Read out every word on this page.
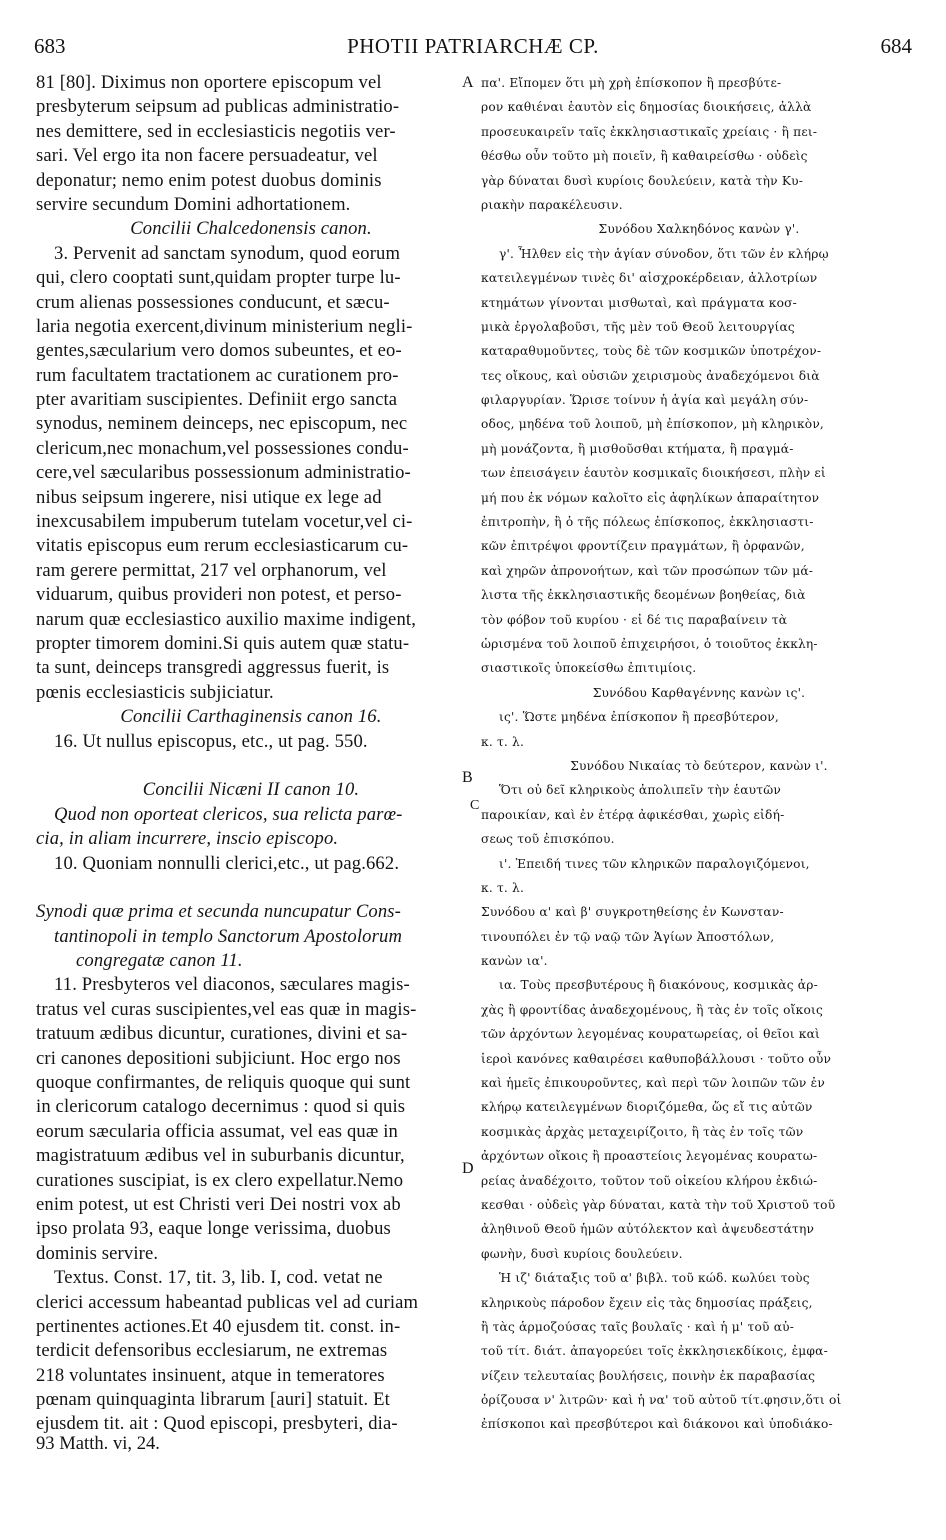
683	PHOTII PATRIARCHÆ CP.	684
81 [80]. Diximus non oportere episcopum vel
presbyterum seipsum ad publicas administratio-
nes demittere, sed in ecclesiasticis negotiis ver-
sari. Vel ergo ita non facere persuadeatur, vel
deponatur; nemo enim potest duobus dominis
servire secundum Domini adhortationem.
Concilii Chalcedonensis canon.
3. Pervenit ad sanctam synodum, quod eorum
qui, clero cooptati sunt,quidam propter turpe lu-
crum alienas possessiones conducunt, et sæcu-
laria negotia exercent,divinum ministerium negli-
gentes,sæcularium vero domos subeuntes, et eo-
rum facultatem tractationem ac curationem pro-
pter avaritiam suscipientes. Definiit ergo sancta
synodus, neminem deinceps, nec episcopum, nec
clericum,nec monachum,vel possessiones condu-
cere,vel sæcularibus possessionum administratio-
nibus seipsum ingerere, nisi utique ex lege ad
inexcusabilem impuberum tutelam vocetur,vel ci-
vitatis episcopus eum rerum ecclesiasticarum cu-
ram gerere permittat, 217 vel orphanorum, vel
viduarum, quibus provideri non potest, et perso-
narum quæ ecclesiastico auxilio maxime indigent,
propter timorem domini.Si quis autem quæ statu-
ta sunt, deinceps transgredi aggressus fuerit, is
pœnis ecclesiasticis subjiciatur.
Concilii Carthaginensis canon 16.
16. Ut nullus episcopus, etc., ut pag. 550.
Concilii Nicæni II canon 10.
Quod non oporteat clericos, sua relicta parœ-
cia, in aliam incurrere, inscio episcopo.
10. Quoniam nonnulli clerici,etc., ut pag.662.
Synodi quæ prima et secunda nuncupatur Cons-
tantinopoli in templo Sanctorum Apostolorum
congregatæ canon 11.
11. Presbyteros vel diaconos, sæculares magis-
tratus vel curas suscipientes,vel eas quæ in magis-
tratuum ædibus dicuntur, curationes, divini et sa-
cri canones depositioni subjiciunt. Hoc ergo nos
quoque confirmantes, de reliquis quoque qui sunt
in clericorum catalogo decernimus : quod si quis
eorum sæcularia officia assumat, vel eas quæ in
magistratuum ædibus vel in suburbanis dicuntur,
curationes suscipiat, is ex clero expellatur.Nemo
enim potest, ut est Christi veri Dei nostri vox ab
ipso prolata 93, eaque longe verissima, duobus
dominis servire.
Textus. Const. 17, tit. 3, lib. I, cod. vetat ne
clerici accessum habeantad publicas vel ad curiam
pertinentes actiones.Et 40 ejusdem tit. const. in-
terdicit defensoribus ecclesiarum, ne extremas
218 voluntates insinuent, atque in temeratores
pœnam quinquaginta librarum [auri] statuit. Et
ejusdem tit. ait : Quod episcopi, presbyteri, dia-
πα'. Εἴπομεν ὅτι μὴ χρὴ ἐπίσκοπον ἢ πρεσβύτε-
ρον καθιέναι ἑαυτὸν εἰς δημοσίας διοικήσεις, ἀλλὰ
προσευκαιρεῖν ταῖς ἐκκλησιαστικαῖς χρείαις · ἢ πει-
θέσθω οὖν τοῦτο μὴ ποιεῖν, ἢ καθαιρείσθω · οὐδεὶς
γὰρ δύναται δυσὶ κυρίοις δουλεύειν, κατὰ τὴν Κυ-
ριακὴν παρακέλευσιν.
Συνόδου Χαλκηδόνος κανὼν γ'.
γ'. Ἦλθεν εἰς τὴν ἁγίαν σύνοδον, ὅτι τῶν ἐν κλήρῳ
κατειλεγμένων τινὲς δι' αἰσχροκέρδειαν, ἀλλοτρίων
κτημάτων γίνονται μισθωταὶ, καὶ πράγματα κοσ-
μικὰ ἐργολαβοῦσι, τῆς μὲν τοῦ Θεοῦ λειτουργίας
καταραθυμοῦντες, τοὺς δὲ τῶν κοσμικῶν ὑποτρέχον-
τες οἴκους, καὶ οὐσιῶν χειρισμοὺς ἀναδεχόμενοι διὰ
φιλαργυρίαν. Ὥρισε τοίνυν ἡ ἁγία καὶ μεγάλη σύν-
οδος, μηδένα τοῦ λοιποῦ, μὴ ἐπίσκοπον, μὴ κληρικὸν,
μὴ μονάζοντα, ἢ μισθοῦσθαι κτήματα, ἢ πραγμά-
των ἐπεισάγειν ἑαυτὸν κοσμικαῖς διοικήσεσι, πλὴν εἰ
μή που ἐκ νόμων καλοῖτο εἰς ἀφηλίκων ἀπαραίτητον
ἐπιτροπὴν, ἢ ὁ τῆς πόλεως ἐπίσκοπος, ἐκκλησιαστι-
κῶν ἐπιτρέψοι φροντίζειν πραγμάτων, ἢ ὀρφανῶν,
καὶ χηρῶν ἀπρονοήτων, καὶ τῶν προσώπων τῶν μά-
λιστα τῆς ἐκκλησιαστικῆς δεομένων βοηθείας, διὰ
τὸν φόβον τοῦ κυρίου · εἰ δέ τις παραβαίνειν τὰ
ὡρισμένα τοῦ λοιποῦ ἐπιχειρήσοι, ὁ τοιοῦτος ἐκκλη-
σιαστικοῖς ὑποκείσθω ἐπιτιμίοις.
Συνόδου Καρθαγέννης κανὼν ις'.
ις'. Ὥστε μηδένα ἐπίσκοπον ἢ πρεσβύτερον,
κ. τ. λ.
Συνόδου Νικαίας τὸ δεύτερον, κανὼν ι'.
Ὅτι οὐ δεῖ κληρικοὺς ἀπολιπεῖν τὴν ἑαυτῶν
παροικίαν, καὶ ἐν ἑτέρᾳ ἀφικέσθαι, χωρὶς εἰδή-
σεως τοῦ ἐπισκόπου.
ι'. Ἐπειδή τινες τῶν κληρικῶν παραλογιζόμενοι,
κ. τ. λ.
Συνόδου α' καὶ β' συγκροτηθείσης ἐν Κωνσταν-
τινουπόλει ἐν τῷ ναῷ τῶν Ἁγίων Ἀποστόλων,
κανὼν ια'.
ια. Τοὺς πρεσβυτέρους ἢ διακόνους, κοσμικὰς ἀρ-
χὰς ἢ φροντίδας ἀναδεχομένους, ἢ τὰς ἐν τοῖς οἴκοις
τῶν ἀρχόντων λεγομένας κουρατωρείας, οἱ θεῖοι καὶ
ἱεροὶ κανόνες καθαιρέσει καθυποβάλλουσι · τοῦτο οὖν
καὶ ἡμεῖς ἐπικουροῦντες, καὶ περὶ τῶν λοιπῶν τῶν ἐν
κλήρῳ κατειλεγμένων διοριζόμεθα, ὥς εἴ τις αὐτῶν
κοσμικὰς ἀρχὰς μεταχειρίζοιτο, ἢ τὰς ἐν τοῖς τῶν
ἀρχόντων οἴκοις ἢ προαστείοις λεγομένας κουρατω-
ρείας ἀναδέχοιτο, τοῦτον τοῦ οἰκείου κλήρου ἐκδιώ-
κεσθαι · οὐδεὶς γὰρ δύναται, κατὰ τὴν τοῦ Χριστοῦ τοῦ
ἀληθινοῦ Θεοῦ ἡμῶν αὐτόλεκτον καὶ ἀψευδεστάτην
φωνὴν, δυσὶ κυρίοις δουλεύειν.
Ἡ ιζ' διάταξις τοῦ α' βιβλ. τοῦ κώδ. κωλύει τοὺς
κληρικοὺς πάροδον ἔχειν εἰς τὰς δημοσίας πράξεις,
ἢ τὰς ἁρμοζούσας ταῖς βουλαῖς · καὶ ἡ μ' τοῦ αὐ-
τοῦ τίτ. διάτ. ἀπαγορεύει τοῖς ἐκκλησιεκδίκοις, ἐμφα-
νίζειν τελευταίας βουλήσεις, ποινὴν ἐκ παραβασίας
ὁρίζουσα ν' λιτρῶν· καὶ ἡ να' τοῦ αὐτοῦ τίτ.φησιν,ὅτι οἱ
ἐπίσκοποι καὶ πρεσβύτεροι καὶ διάκονοι καὶ ὑποδιάκο-
A
B
C
D
93 Matth. vi, 24.
